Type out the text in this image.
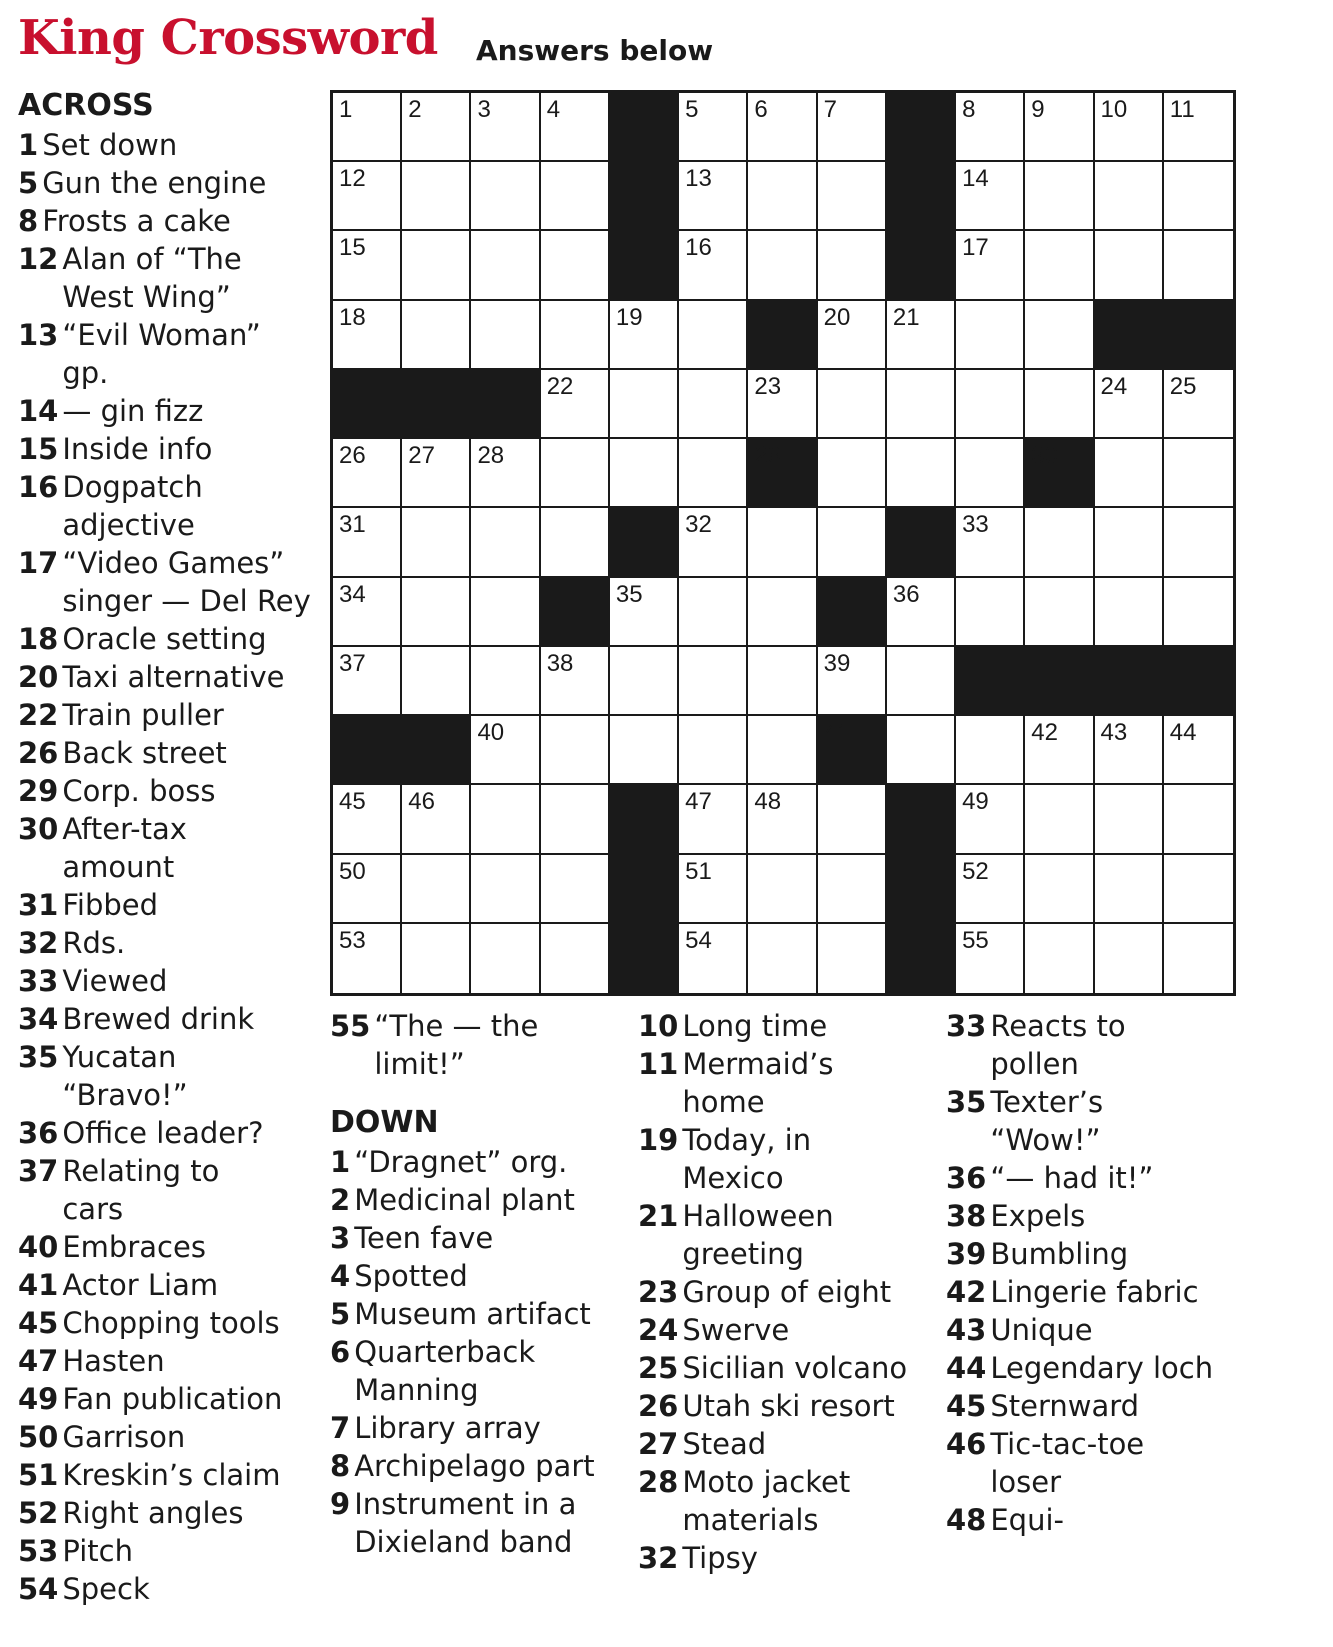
King Crossword Answers below
1 2 3 4	5 6 7	8 9 10 11
12	13	14
15	16	17
18	19	20 21
22	23	24 25
26 27 28	29	30
31	32	33
34	35	36
37	38	39
40	41	42 43 44
45 46	47 48	49
50	51	52
53	54	55
ACROSS
1 Set down
5 Gun the engine
8 Frosts a cake
12 Alan of “The
West Wing”
13 “Evil Woman”
gp.
14 — gin fizz
15 Inside info
16 Dogpatch
adjective
17 “Video Games”
singer — Del Rey
18 Oracle setting
20 Taxi alternative
22 Train puller
26 Back street
29 Corp. boss
30 After-tax
amount
31 Fibbed
32 Rds.
33 Viewed
34 Brewed drink
35 Yucatan
“Bravo!”
36 Office leader?
37 Relating to
cars
40 Embraces
41 Actor Liam
45 Chopping tools
47 Hasten
49 Fan publication
50 Garrison
51 Kreskin’s claim
52 Right angles
53 Pitch
54 Speck
55 “The — the
limit!”
DOWN
1 “Dragnet” org.
2 Medicinal plant
3 Teen fave
4 Spotted
5 Museum artifact
6 Quarterback
Manning
7 Library array
8 Archipelago part
9 Instrument in a
Dixieland band
10 Long time
11 Mermaid’s
home
19 Today, in
Mexico
21 Halloween
greeting
23 Group of eight
24 Swerve
25 Sicilian volcano
26 Utah ski resort
27 Stead
28 Moto jacket
materials
32 Tipsy
33 Reacts to
pollen
35 Texter’s
“Wow!”
36 “— had it!”
38 Expels
39 Bumbling
42 Lingerie fabric
43 Unique
44 Legendary loch
45 Sternward
46 Tic-tac-toe
loser
48 Equi-
